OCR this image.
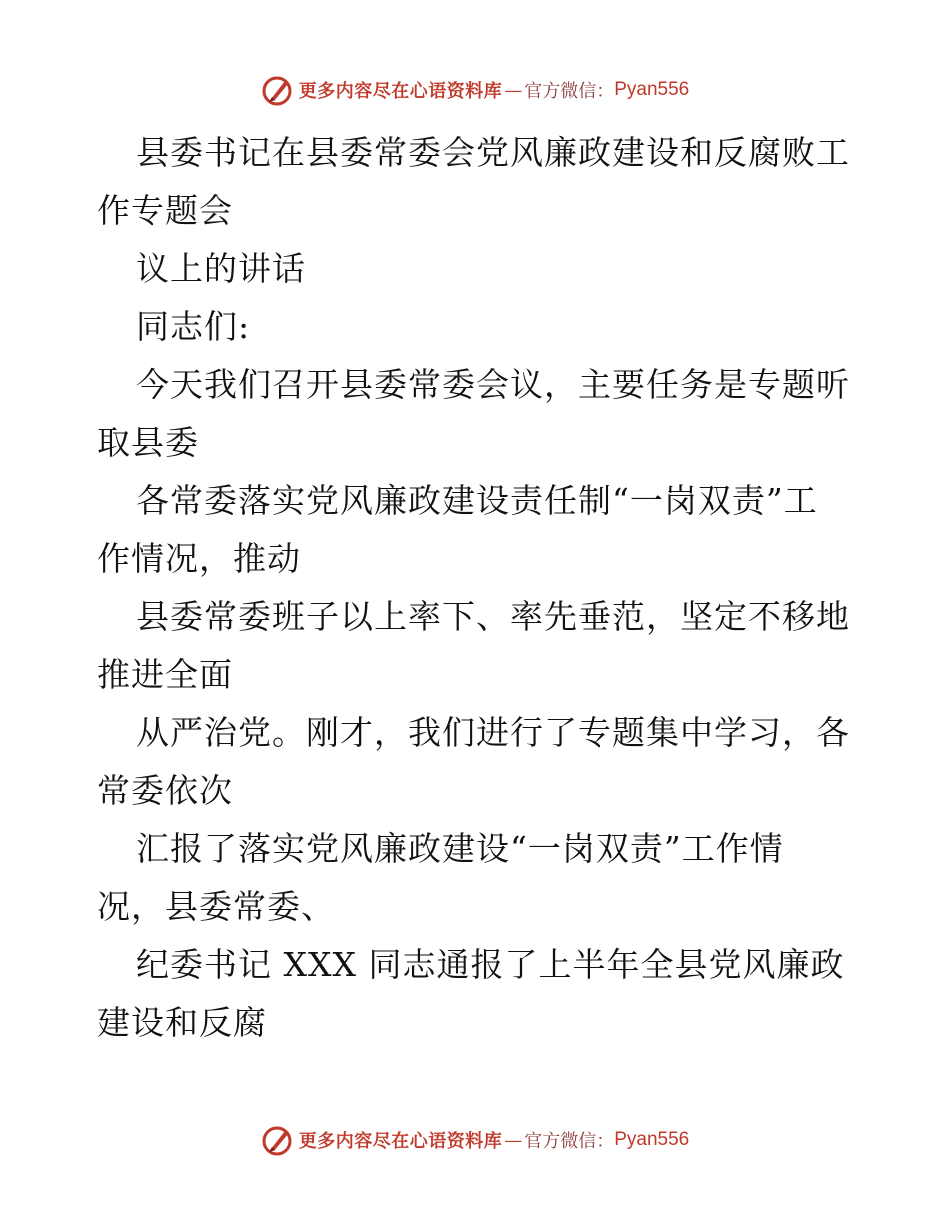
更多内容尽在心语资料库 — 官方微信： Pyan556
县委书记在县委常委会党风廉政建设和反腐败工
作专题会
议上的讲话
同志们:
今天我们召开县委常委会议，主要任务是专题听
取县委
各常委落实党风廉政建设责任制“一岗双责”工
作情况，推动
县委常委班子以上率下、率先垂范，坚定不移地
推进全面
从严治党。刚才，我们进行了专题集中学习，各
常委依次
汇报了落实党风廉政建设“一岗双责”工作情
况，县委常委、
纪委书记 XXX 同志通报了上半年全县党风廉政
建设和反腐
更多内容尽在心语资料库 — 官方微信： Pyan556
